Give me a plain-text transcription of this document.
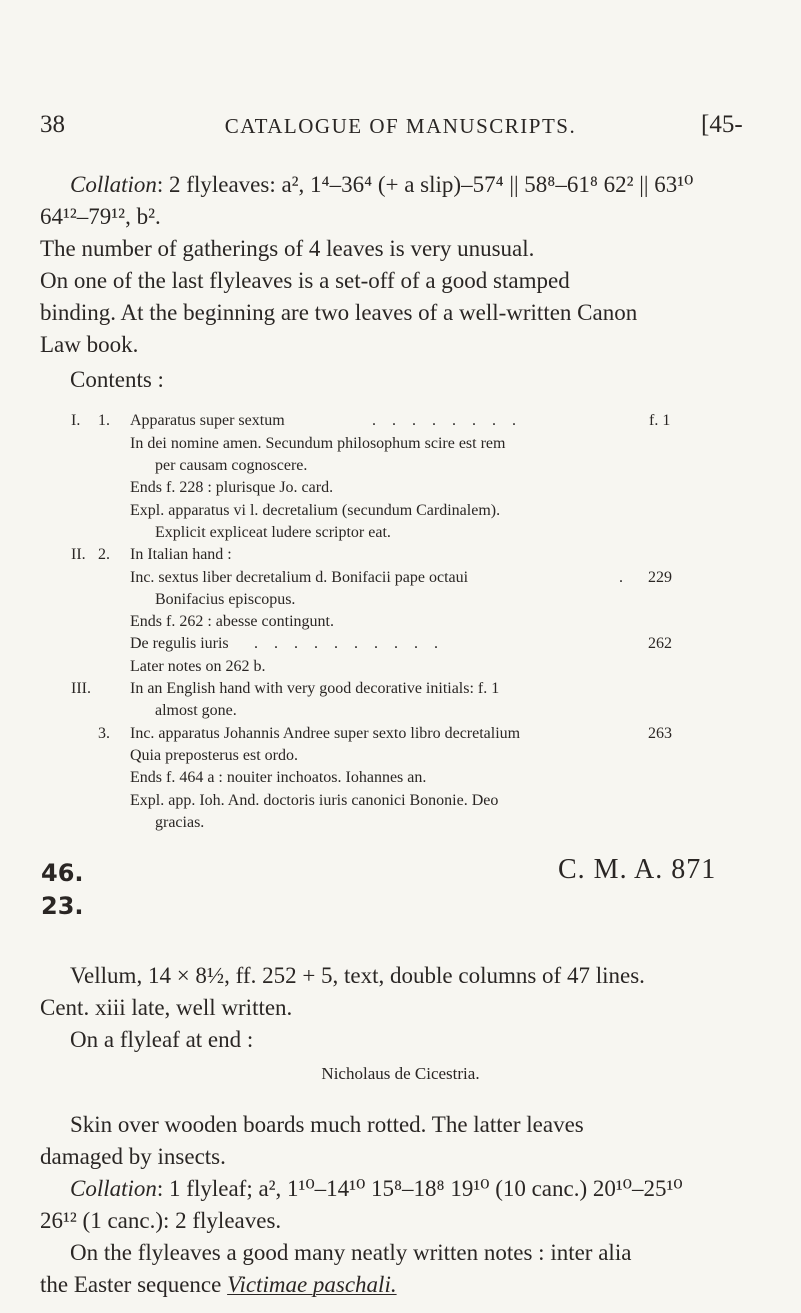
38	CATALOGUE OF MANUSCRIPTS.	[45-
Collation: 2 flyleaves: a², 1⁴–36⁴ (+ a slip)–57⁴ || 58⁸–61⁸ 62² || 63¹⁰
64¹²–79¹², b².
The number of gatherings of 4 leaves is very unusual.
On one of the last flyleaves is a set-off of a good stamped
binding. At the beginning are two leaves of a well-written Canon
Law book.
Contents :
I. 1. Apparatus super sextum	. . . . . . . .	f. 1
In dei nomine amen. Secundum philosophum scire est rem
per causam cognoscere.
Ends f. 228 : plurisque Jo. card.
Expl. apparatus vi l. decretalium (secundum Cardinalem).
Explicit expliceat ludere scriptor eat.
II. 2. In Italian hand :
Inc. sextus liber decretalium d. Bonifacii pape octaui	. 229
Bonifacius episcopus.
Ends f. 262 : abesse contingunt.
De regulis iuris . . . . . . . . . .	262
Later notes on 262 b.
III. In an English hand with very good decorative initials: f. 1
almost gone.
3. Inc. apparatus Johannis Andree super sexto libro decretalium	263
Quia preposterus est ordo.
Ends f. 464 a : nouiter inchoatos. Iohannes an.
Expl. app. Ioh. And. doctoris iuris canonici Bononie. Deo
gracias.
46.
23.
C. M. A. 871
Vellum, 14 × 8½, ff. 252 + 5, text, double columns of 47 lines.
Cent. xiii late, well written.
On a flyleaf at end :
Nicholaus de Cicestria.
Skin over wooden boards much rotted. The latter leaves
damaged by insects.
Collation: 1 flyleaf; a², 1¹⁰–14¹⁰ 15⁸–18⁸ 19¹⁰ (10 canc.) 20¹⁰–25¹⁰
26¹² (1 canc.): 2 flyleaves.
On the flyleaves a good many neatly written notes : inter alia
the Easter sequence Victimae paschali.
